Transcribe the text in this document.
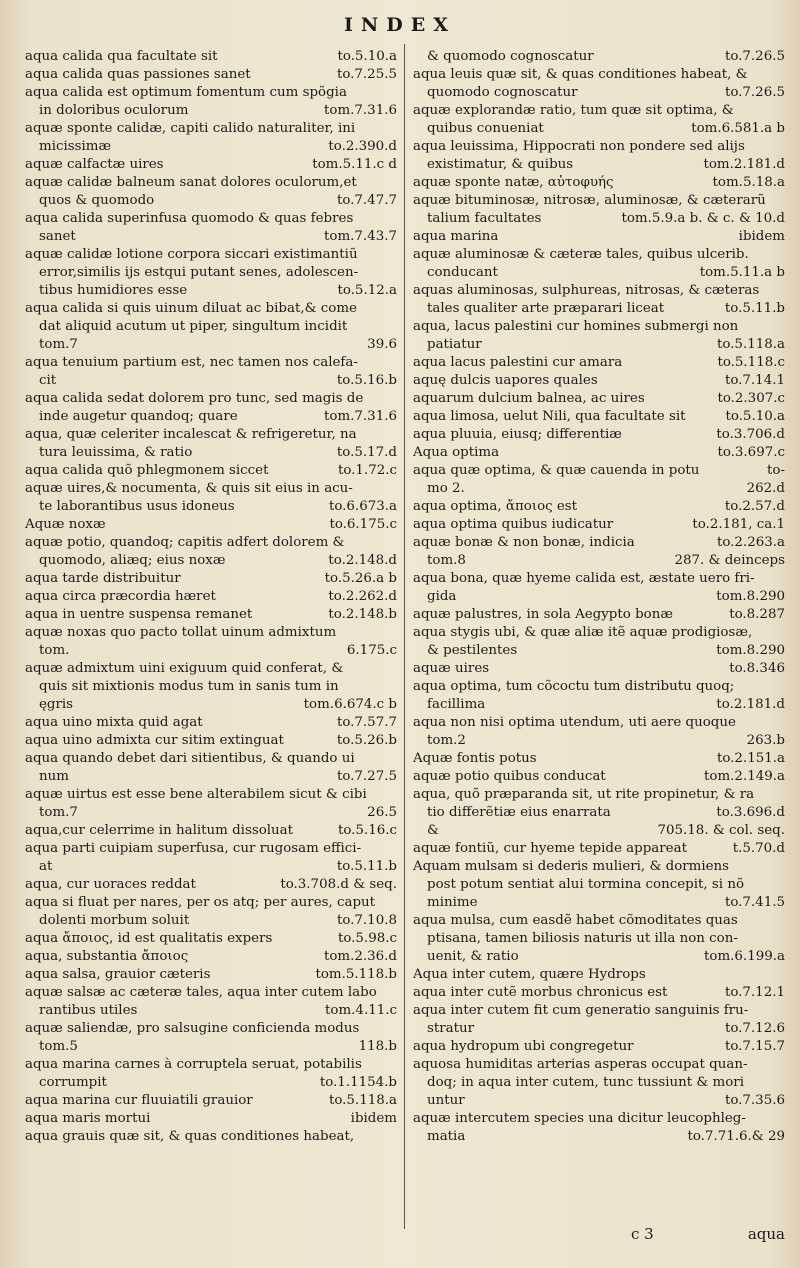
INDEX
aqua calida qua facultate sit	to.5.10.a
aqua calida quas passiones sanet	to.7.25.5
aqua calida est optimum fomentum cum spõgia
in doloribus oculorum	tom.7.31.6
aquæ sponte calidæ, capiti calido naturaliter, ini
micissimæ	to.2.390.d
aquæ calfactæ uires	tom.5.11.c d
aquæ calidæ balneum sanat dolores oculorum,et
quos & quomodo	to.7.47.7
aqua calida superinfusa quomodo & quas febres
sanet	tom.7.43.7
aquæ calidæ lotione corpora siccari existimantiũ
error,similis ijs estqui putant senes, adolescen-
tibus humidiores esse	to.5.12.a
aqua calida si quis uinum diluat ac bibat,& come
dat aliquid acutum ut piper, singultum incidit
tom.7	39.6
aqua tenuium partium est, nec tamen nos calefa-
cit	to.5.16.b
aqua calida sedat dolorem pro tunc, sed magis de
inde augetur quandoq; quare	tom.7.31.6
aqua, quæ celeriter incalescat & refrigeretur, na
tura leuissima, & ratio	to.5.17.d
aqua calida quõ phlegmonem siccet	to.1.72.c
aquæ uires,& nocumenta, & quis sit eius in acu-
te laborantibus usus idoneus	to.6.673.a
Aquæ noxæ	to.6.175.c
aquæ potio, quandoq; capitis adfert dolorem &
quomodo, aliæq; eius noxæ	to.2.148.d
aqua tarde distribuitur	to.5.26.a b
aqua circa præcordia hæret	to.2.262.d
aqua in uentre suspensa remanet	to.2.148.b
aquæ noxas quo pacto tollat uinum admixtum
tom.	6.175.c
aquæ admixtum uini exiguum quid conferat, &
quis sit mixtionis modus tum in sanis tum in
ęgris	tom.6.674.c b
aqua uino mixta quid agat	to.7.57.7
aqua uino admixta cur sitim extinguat	to.5.26.b
aqua quando debet dari sitientibus, & quando ui
num	to.7.27.5
aquæ uirtus est esse bene alterabilem sicut & cibi
tom.7	26.5
aqua,cur celerrime in halitum dissoluat	to.5.16.c
aqua parti cuipiam superfusa, cur rugosam effici-
at	to.5.11.b
aqua, cur uoraces reddat	to.3.708.d & seq.
aqua si fluat per nares, per os atq; per aures, caput
dolenti morbum soluit	to.7.10.8
aqua ἄποιος, id est qualitatis expers	to.5.98.c
aqua, substantia ἄποιος	tom.2.36.d
aqua salsa, grauior cæteris	tom.5.118.b
aquæ salsæ ac cæteræ tales, aqua inter cutem labo
rantibus utiles	tom.4.11.c
aquæ saliendæ, pro salsugine conficienda modus
tom.5	118.b
aqua marina carnes à corruptela seruat, potabilis
corrumpit	to.1.1154.b
aqua marina cur fluuiatili grauior	to.5.118.a
aqua maris mortui	ibidem
aqua grauis quæ sit, & quas conditiones habeat,
& quomodo cognoscatur	to.7.26.5
aqua leuis quæ sit, & quas conditiones habeat, &
quomodo cognoscatur	to.7.26.5
aquæ explorandæ ratio, tum quæ sit optima, &
quibus conueniat	tom.6.581.a b
aqua leuissima, Hippocrati non pondere sed alijs
existimatur, & quibus	tom.2.181.d
aquæ sponte natæ, αὐτοφυής	tom.5.18.a
aquæ bituminosæ, nitrosæ, aluminosæ, & cæterarũ
talium facultates	tom.5.9.a b. & c. & 10.d
aqua marina	ibidem
aquæ aluminosæ & cæteræ tales, quibus ulcerib.
conducant	tom.5.11.a b
aquas aluminosas, sulphureas, nitrosas, & cæteras
tales qualiter arte præparari liceat	to.5.11.b
aqua, lacus palestini cur homines submergi non
patiatur	to.5.118.a
aqua lacus palestini cur amara	to.5.118.c
aquę dulcis uapores quales	to.7.14.1
aquarum dulcium balnea, ac uires	to.2.307.c
aqua limosa, uelut Nili, qua facultate sit	to.5.10.a
aqua pluuia, eiusq; differentiæ	to.3.706.d
Aqua optima	to.3.697.c
aqua quæ optima, & quæ cauenda in potu	to-
mo 2.	262.d
aqua optima, ἄποιος est	to.2.57.d
aqua optima quibus iudicatur	to.2.181, ca.1
aquæ bonæ & non bonæ, indicia	to.2.263.a
tom.8	287. & deinceps
aqua bona, quæ hyeme calida est, æstate uero fri-
gida	tom.8.290
aquæ palustres, in sola Aegypto bonæ	to.8.287
aqua stygis ubi, & quæ aliæ itẽ aquæ prodigiosæ,
& pestilentes	tom.8.290
aquæ uires	to.8.346
aqua optima, tum cõcoctu tum distributu quoq;
facillima	to.2.181.d
aqua non nisi optima utendum, uti aere quoque
tom.2	263.b
Aquæ fontis potus	to.2.151.a
aquæ potio quibus conducat	tom.2.149.a
aqua, quõ præparanda sit, ut rite propinetur, & ra
tio differẽtiæ eius enarrata	to.3.696.d
&	705.18. & col. seq.
aquæ fontiũ, cur hyeme tepide appareat	t.5.70.d
Aquam mulsam si dederis mulieri, & dormiens
post potum sentiat alui tormina concepit, si nõ
minime	to.7.41.5
aqua mulsa, cum easdẽ habet cõmoditates quas
ptisana, tamen biliosis naturis ut illa non con-
uenit, & ratio	tom.6.199.a
Aqua inter cutem, quære Hydrops
aqua inter cutẽ morbus chronicus est	to.7.12.1
aqua inter cutem fit cum generatio sanguinis fru-
stratur	to.7.12.6
aqua hydropum ubi congregetur	to.7.15.7
aquosa humiditas arterias asperas occupat quan-
doq; in aqua inter cutem, tunc tussiunt & mori
untur	to.7.35.6
aquæ intercutem species una dicitur leucophleg-
matia	to.7.71.6.& 29
c 3	aqua
